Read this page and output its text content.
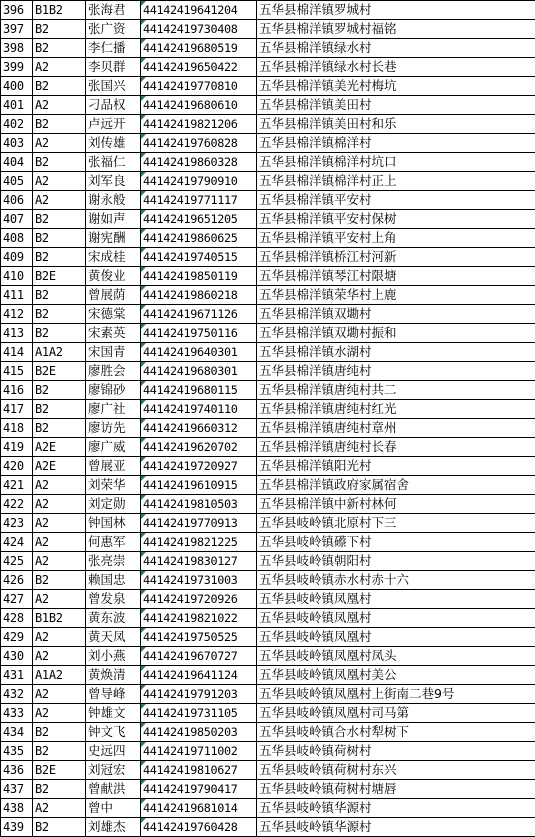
396	B1B2	张海君	44142419641204	五华县棉洋镇罗城村
397	B2	张广资	44142419730408	五华县棉洋镇罗城村福铭
398	B2	李仁播	44142419680519	五华县棉洋镇绿水村
399	A2	李贝群	44142419650422	五华县棉洋镇绿水村长巷
400	B2	张国兴	44142419770810	五华县棉洋镇美光村梅坑
401	A2	刁品权	44142419680610	五华县棉洋镇美田村
402	B2	卢远开	44142419821206	五华县棉洋镇美田村和乐
403	A2	刘传雄	44142419760828	五华县棉洋镇棉洋村
404	B2	张福仁	44142419860328	五华县棉洋镇棉洋村坑口
405	A2	刘军良	44142419790910	五华县棉洋镇棉洋村正上
406	A2	谢永般	44142419771117	五华县棉洋镇平安村
407	B2	谢如声	44142419651205	五华县棉洋镇平安村保树
408	B2	谢宪酬	44142419860625	五华县棉洋镇平安村上角
409	B2	宋成桂	44142419740515	五华县棉洋镇桥江村河新
410	B2E	黄俊业	44142419850119	五华县棉洋镇琴江村限塘
411	B2	曾展荫	44142419860218	五华县棉洋镇荣华村上鹿
412	B2	宋德棠	44142419671126	五华县棉洋镇双墈村
413	B2	宋素英	44142419750116	五华县棉洋镇双墈村振和
414	A1A2	宋国青	44142419640301	五华县棉洋镇水湖村
415	B2E	廖胜会	44142419680301	五华县棉洋镇唐纯村
416	B2	廖锦砂	44142419680115	五华县棉洋镇唐纯村共二
417	B2	廖广社	44142419740110	五华县棉洋镇唐纯村红光
418	B2	廖访先	44142419660312	五华县棉洋镇唐纯村章州
419	A2E	廖广威	44142419620702	五华县棉洋镇唐纯村长春
420	A2E	曾展亚	44142419720927	五华县棉洋镇阳光村
421	A2	刘荣华	44142419610915	五华县棉洋镇政府家属宿舍
422	A2	刘定勋	44142419810503	五华县棉洋镇中新村林何
423	A2	钟国林	44142419770913	五华县岐岭镇北原村下三
424	A2	何惠军	44142419821225	五华县岐岭镇礤下村
425	A2	张亮崇	44142419830127	五华县岐岭镇朝阳村
426	B2	赖国忠	44142419731003	五华县岐岭镇赤水村赤十六
427	A2	曾发泉	44142419720926	五华县岐岭镇凤凰村
428	B1B2	黄东波	44142419821022	五华县岐岭镇凤凰村
429	A2	黄天凤	44142419750525	五华县岐岭镇凤凰村
430	A2	刘小燕	44142419670727	五华县岐岭镇凤凰村凤头
431	A1A2	黄焕清	44142419641124	五华县岐岭镇凤凰村美公
432	A2	曾导峰	44142419791203	五华县岐岭镇凤凰村上街南二巷9号
433	A2	钟雄文	44142419731105	五华县岐岭镇凤凰村司马第
434	B2	钟文飞	44142419850203	五华县岐岭镇合水村犁树下
435	B2	史远四	44142419711002	五华县岐岭镇荷树村
436	B2E	刘冠宏	44142419810627	五华县岐岭镇荷树村东兴
437	B2	曾献洪	44142419790417	五华县岐岭镇荷树村塘唇
438	A2	曾中	44142419681014	五华县岐岭镇华源村
439	B2	刘雄杰	44142419760428	五华县岐岭镇华源村
